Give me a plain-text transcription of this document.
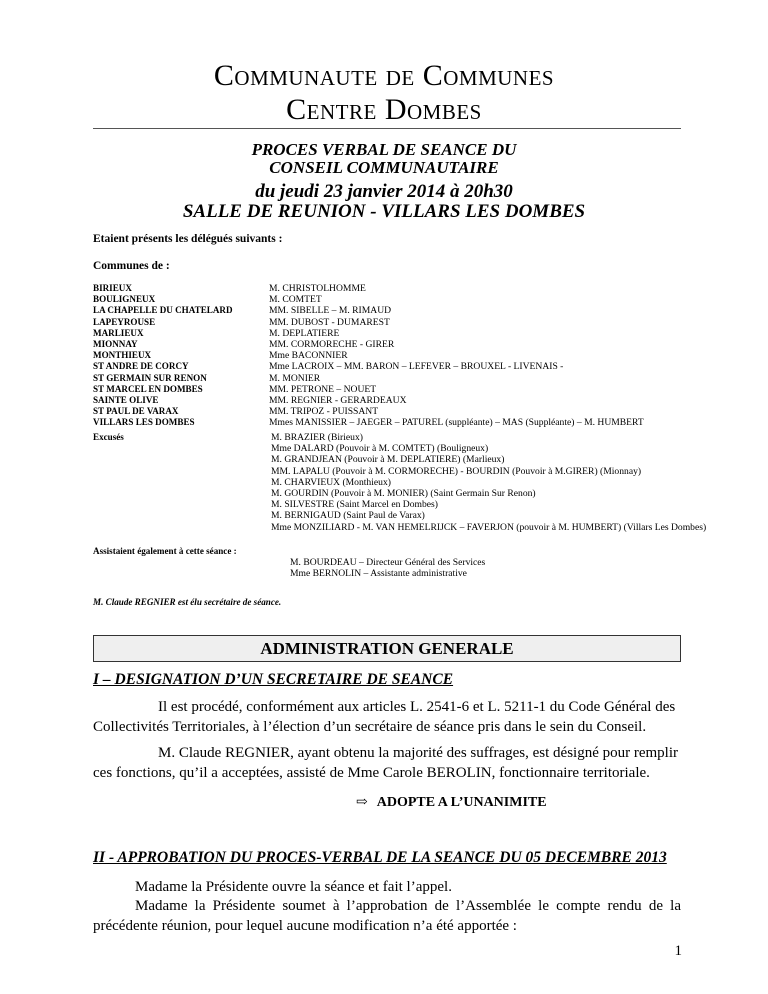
Communaute de Communes
Centre Dombes
PROCES VERBAL DE SEANCE DU
CONSEIL COMMUNAUTAIRE
du jeudi 23 janvier 2014 à 20h30
SALLE DE REUNION - VILLARS LES DOMBES
Etaient présents les délégués suivants :
Communes de :
BIRIEUX
BOULIGNEUX
LA CHAPELLE DU CHATELARD
LAPEYROUSE
MARLIEUX
MIONNAY
MONTHIEUX
ST ANDRE DE CORCY
ST GERMAIN SUR RENON
ST MARCEL EN DOMBES
SAINTE OLIVE
ST PAUL DE VARAX
VILLARS LES DOMBES
M. CHRISTOLHOMME
M. COMTET
MM. SIBELLE – M. RIMAUD
MM. DUBOST - DUMAREST
M. DEPLATIERE
MM. CORMORECHE - GIRER
Mme BACONNIER
Mme LACROIX – MM. BARON – LEFEVER – BROUXEL - LIVENAIS -
M. MONIER
MM. PETRONE – NOUET
MM. REGNIER - GERARDEAUX
MM. TRIPOZ - PUISSANT
Mmes MANISSIER – JAEGER – PATUREL (suppléante) – MAS (Suppléante) – M. HUMBERT
Excusés	M. BRAZIER (Birieux)
Mme DALARD (Pouvoir à M. COMTET) (Bouligneux)
M. GRANDJEAN (Pouvoir à M. DEPLATIERE) (Marlieux)
MM. LAPALU (Pouvoir à M. CORMORECHE) - BOURDIN (Pouvoir à M.GIRER) (Mionnay)
M. CHARVIEUX (Monthieux)
M. GOURDIN (Pouvoir à M. MONIER) (Saint Germain Sur Renon)
M. SILVESTRE (Saint Marcel en Dombes)
M. BERNIGAUD (Saint Paul de Varax)
Mme MONZILIARD - M. VAN HEMELRIJCK – FAVERJON (pouvoir à M. HUMBERT) (Villars Les Dombes)
Assistaient également à cette séance :
M. BOURDEAU – Directeur Général des Services
Mme BERNOLIN – Assistante administrative
M. Claude REGNIER est élu secrétaire de séance.
ADMINISTRATION GENERALE
I – DESIGNATION D’UN SECRETAIRE DE SEANCE

Il est procédé, conformément aux articles L. 2541-6 et L. 5211-1 du Code Général des Collectivités Territoriales, à l’élection d’un secrétaire de séance pris dans le sein du Conseil.

M. Claude REGNIER, ayant obtenu la majorité des suffrages, est désigné pour remplir ces fonctions, qu’il a acceptées, assisté de Mme Carole BEROLIN, fonctionnaire territoriale.

⇨ ADOPTE A L’UNANIMITE
II - APPROBATION DU PROCES-VERBAL DE LA SEANCE DU 05 DECEMBRE 2013

Madame la Présidente ouvre la séance et fait l’appel.

Madame la Présidente soumet à l’approbation de l’Assemblée le compte rendu de la précédente réunion, pour lequel aucune modification n’a été apportée :

1
